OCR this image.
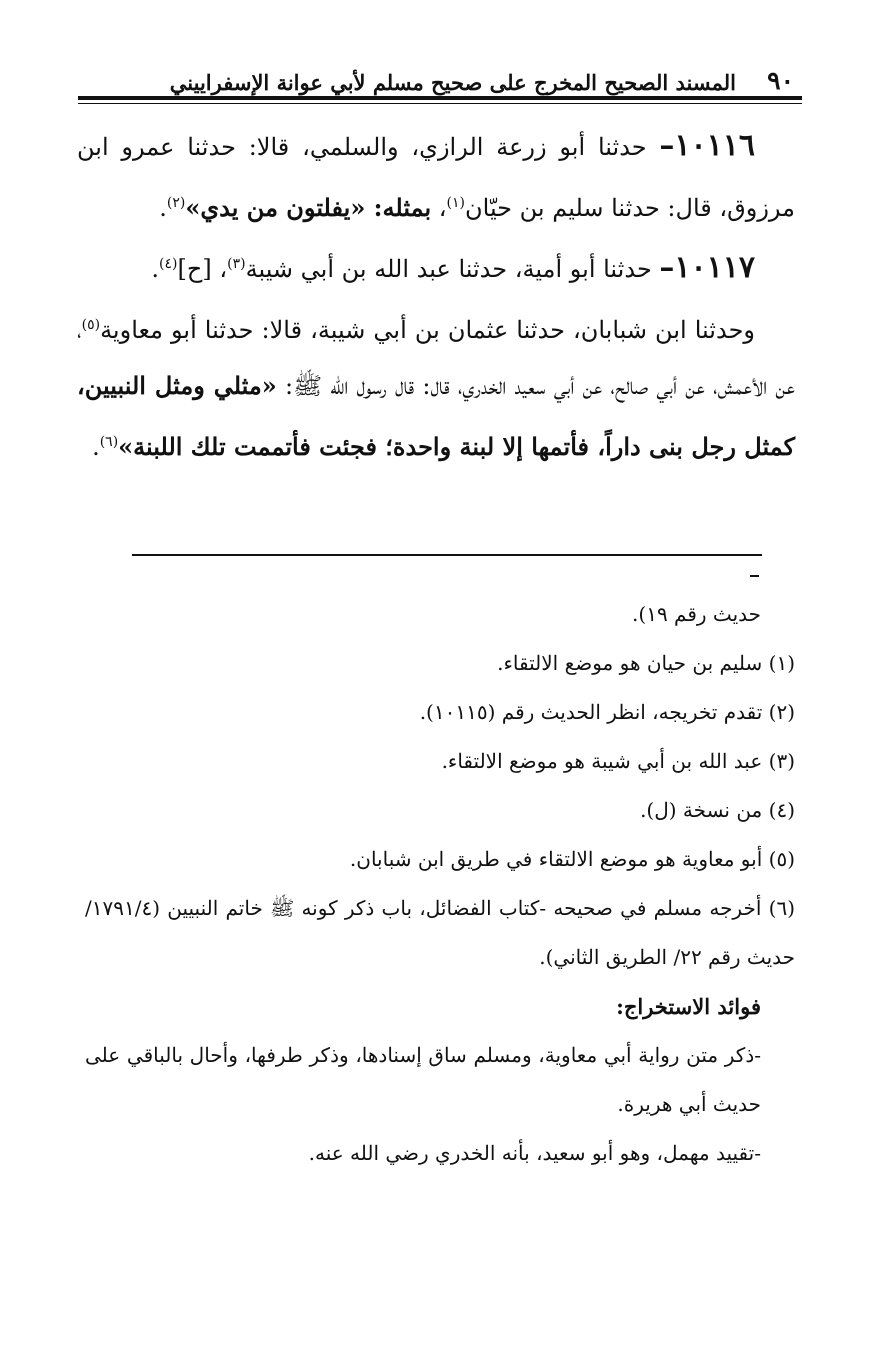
٩٠
المسند الصحيح المخرج على صحيح مسلم لأبي عوانة الإسفراييني

١٠١١٦– حدثنا أبو زرعة الرازي، والسلمي، قالا: حدثنا عمرو ابن مرزوق، قال: حدثنا سليم بن حيّان$^{(١)}$، بمثله: «يفلتون من يدي»$^{(٢)}$.

١٠١١٧– حدثنا أبو أمية، حدثنا عبد الله بن أبي شيبة$^{(٣)}$، [ح]$^{(٤)}$.

وحدثنا ابن شبابان، حدثنا عثمان بن أبي شيبة، قالا: حدثنا أبو معاوية$^{(٥)}$، عن الأعمش، عن أبي صالح، عن أبي سعيد الخدري، قال: قال رسول الله ﷺ: «مثلي ومثل النبيين، كمثل رجل بنى داراً، فأتمها إلا لبنة واحدة؛ فجئت فأتممت تلك اللبنة»$^{(٦)}$.

حديث رقم ١٩).

(١) سليم بن حيان هو موضع الالتقاء.

(٢) تقدم تخريجه، انظر الحديث رقم (١٠١١٥).

(٣) عبد الله بن أبي شيبة هو موضع الالتقاء.

(٤) من نسخة (ل).

(٥) أبو معاوية هو موضع الالتقاء في طريق ابن شبابان.

(٦) أخرجه مسلم في صحيحه -كتاب الفضائل، باب ذكر كونه ﷺ خاتم النبيين (١٧٩١/٤/ حديث رقم ٢٢/ الطريق الثاني).

فوائد الاستخراج:

-ذكر متن رواية أبي معاوية، ومسلم ساق إسنادها، وذكر طرفها، وأحال بالباقي على حديث أبي هريرة.

-تقييد مهمل، وهو أبو سعيد، بأنه الخدري رضي الله عنه.
